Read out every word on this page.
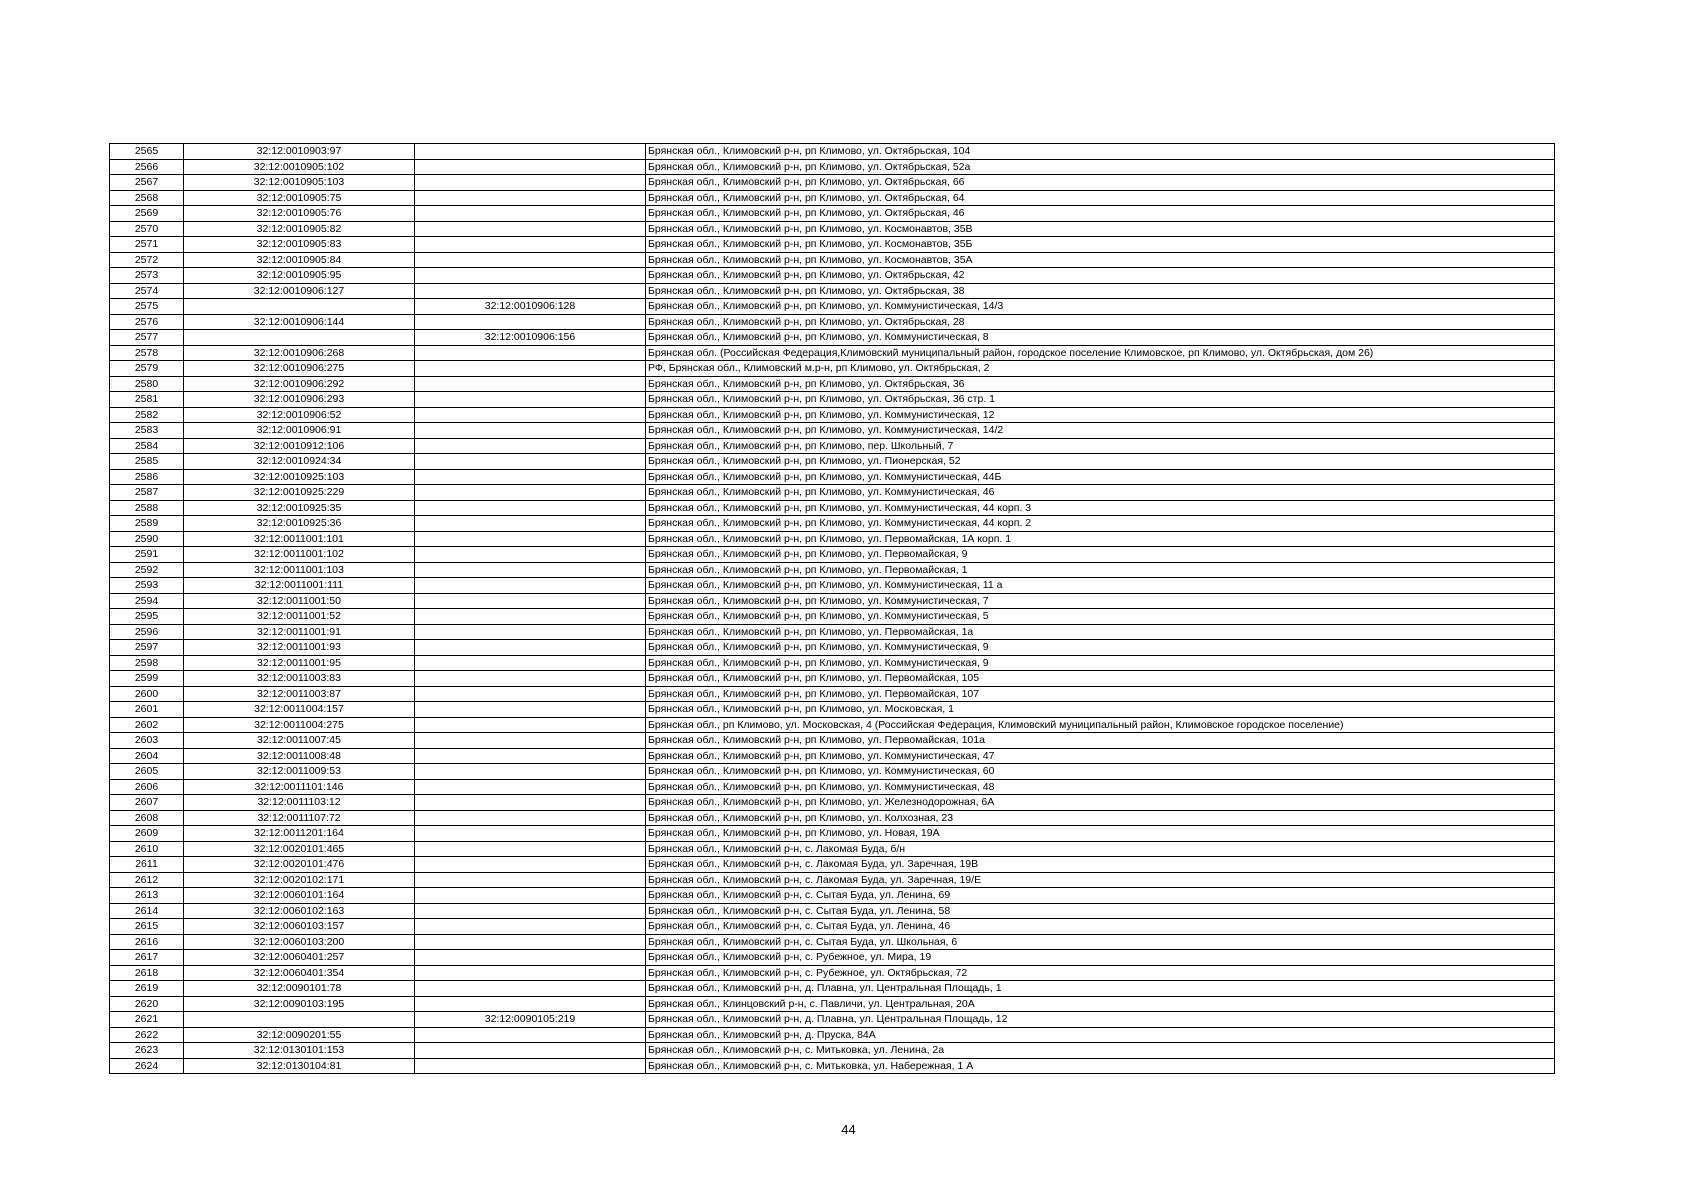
2565	32:12:0010903:97		Брянская обл., Климовский р-н, рп Климово, ул. Октябрьская, 104
2566	32:12:0010905:102		Брянская обл., Климовский р-н, рп Климово, ул. Октябрьская, 52а
2567	32:12:0010905:103		Брянская обл., Климовский р-н, рп Климово, ул. Октябрьская, 66
2568	32:12:0010905:75		Брянская обл., Климовский р-н, рп Климово, ул. Октябрьская, 64
2569	32:12:0010905:76		Брянская обл., Климовский р-н, рп Климово, ул. Октябрьская, 46
2570	32:12:0010905:82		Брянская обл., Климовский р-н, рп Климово, ул. Космонавтов, 35В
2571	32:12:0010905:83		Брянская обл., Климовский р-н, рп Климово, ул. Космонавтов, 35Б
2572	32:12:0010905:84		Брянская обл., Климовский р-н, рп Климово, ул. Космонавтов, 35А
2573	32:12:0010905:95		Брянская обл., Климовский р-н, рп Климово, ул. Октябрьская, 42
2574	32:12:0010906:127		Брянская обл., Климовский р-н, рп Климово, ул. Октябрьская, 38
2575		32:12:0010906:128	Брянская обл., Климовский р-н, рп Климово, ул. Коммунистическая, 14/3
2576	32:12:0010906:144		Брянская обл., Климовский р-н, рп Климово, ул. Октябрьская, 28
2577		32:12:0010906:156	Брянская обл., Климовский р-н, рп Климово, ул. Коммунистическая, 8
2578	32:12:0010906:268		Брянская обл. (Российская Федерация,Климовский муниципальный район, городское поселение Климовское, рп Климово, ул. Октябрьская, дом 26)
2579	32:12:0010906:275		РФ, Брянская обл., Климовский м.р-н, рп Климово, ул. Октябрьская, 2
2580	32:12:0010906:292		Брянская обл., Климовский р-н, рп Климово, ул. Октябрьская, 36
2581	32:12:0010906:293		Брянская обл., Климовский р-н, рп Климово, ул. Октябрьская, 36 стр. 1
2582	32:12:0010906:52		Брянская обл., Климовский р-н, рп Климово, ул. Коммунистическая, 12
2583	32:12:0010906:91		Брянская обл., Климовский р-н, рп Климово, ул. Коммунистическая, 14/2
2584	32:12:0010912:106		Брянская обл., Климовский р-н, рп Климово, пер. Школьный, 7
2585	32:12:0010924:34		Брянская обл., Климовский р-н, рп Климово, ул. Пионерская, 52
2586	32:12:0010925:103		Брянская обл., Климовский р-н, рп Климово, ул. Коммунистическая, 44Б
2587	32:12:0010925:229		Брянская обл., Климовский р-н, рп Климово, ул. Коммунистическая, 46
2588	32:12:0010925:35		Брянская обл., Климовский р-н, рп Климово, ул. Коммунистическая, 44 корп. 3
2589	32:12:0010925:36		Брянская обл., Климовский р-н, рп Климово, ул. Коммунистическая, 44 корп. 2
2590	32:12:0011001:101		Брянская обл., Климовский р-н, рп Климово, ул. Первомайская, 1А корп. 1
2591	32:12:0011001:102		Брянская обл., Климовский р-н, рп Климово, ул. Первомайская, 9
2592	32:12:0011001:103		Брянская обл., Климовский р-н, рп Климово, ул. Первомайская, 1
2593	32:12:0011001:111		Брянская обл., Климовский р-н, рп Климово, ул. Коммунистическая, 11 а
2594	32:12:0011001:50		Брянская обл., Климовский р-н, рп Климово, ул. Коммунистическая, 7
2595	32:12:0011001:52		Брянская обл., Климовский р-н, рп Климово, ул. Коммунистическая, 5
2596	32:12:0011001:91		Брянская обл., Климовский р-н, рп Климово, ул. Первомайская, 1а
2597	32:12:0011001:93		Брянская обл., Климовский р-н, рп Климово, ул. Коммунистическая, 9
2598	32:12:0011001:95		Брянская обл., Климовский р-н, рп Климово, ул. Коммунистическая, 9
2599	32:12:0011003:83		Брянская обл., Климовский р-н, рп Климово, ул. Первомайская, 105
2600	32:12:0011003:87		Брянская обл., Климовский р-н, рп Климово, ул. Первомайская, 107
2601	32:12:0011004:157		Брянская обл., Климовский р-н, рп Климово, ул. Московская, 1
2602	32:12:0011004:275		Брянская обл., рп Климово, ул. Московская, 4 (Российская Федерация, Климовский муниципальный район, Климовское городское поселение)
2603	32:12:0011007:45		Брянская обл., Климовский р-н, рп Климово, ул. Первомайская, 101а
2604	32:12:0011008:48		Брянская обл., Климовский р-н, рп Климово, ул. Коммунистическая, 47
2605	32:12:0011009:53		Брянская обл., Климовский р-н, рп Климово, ул. Коммунистическая, 60
2606	32:12:0011101:146		Брянская обл., Климовский р-н, рп Климово, ул. Коммунистическая, 48
2607	32:12:0011103:12		Брянская обл., Климовский р-н, рп Климово, ул. Железнодорожная, 6А
2608	32:12:0011107:72		Брянская обл., Климовский р-н, рп Климово, ул. Колхозная, 23
2609	32:12:0011201:164		Брянская обл., Климовский р-н, рп Климово, ул. Новая, 19А
2610	32:12:0020101:465		Брянская обл., Климовский р-н, с. Лакомая Буда, б/н
2611	32:12:0020101:476		Брянская обл., Климовский р-н, с. Лакомая Буда, ул. Заречная, 19В
2612	32:12:0020102:171		Брянская обл., Климовский р-н, с. Лакомая Буда, ул. Заречная, 19/Е
2613	32:12:0060101:164		Брянская обл., Климовский р-н, с. Сытая Буда, ул. Ленина, 69
2614	32:12:0060102:163		Брянская обл., Климовский р-н, с. Сытая Буда, ул. Ленина, 58
2615	32:12:0060103:157		Брянская обл., Климовский р-н, с. Сытая Буда, ул. Ленина, 46
2616	32:12:0060103:200		Брянская обл., Климовский р-н, с. Сытая Буда, ул. Школьная, 6
2617	32:12:0060401:257		Брянская обл., Климовский р-н, с. Рубежное, ул. Мира, 19
2618	32:12:0060401:354		Брянская обл., Климовский р-н, с. Рубежное, ул. Октябрьская, 72
2619	32:12:0090101:78		Брянская обл., Климовский р-н, д. Плавна, ул. Центральная Площадь, 1
2620	32:12:0090103:195		Брянская обл., Клинцовский р-н, с. Павличи, ул. Центральная, 20А
2621		32:12:0090105:219	Брянская обл., Климовский р-н, д. Плавна, ул. Центральная Площадь, 12
2622	32:12:0090201:55		Брянская обл., Климовский р-н, д. Пруска, 84А
2623	32:12:0130101:153		Брянская обл., Климовский р-н, с. Митьковка, ул. Ленина, 2а
2624	32:12:0130104:81		Брянская обл., Климовский р-н, с. Митьковка, ул. Набережная, 1 А
44
